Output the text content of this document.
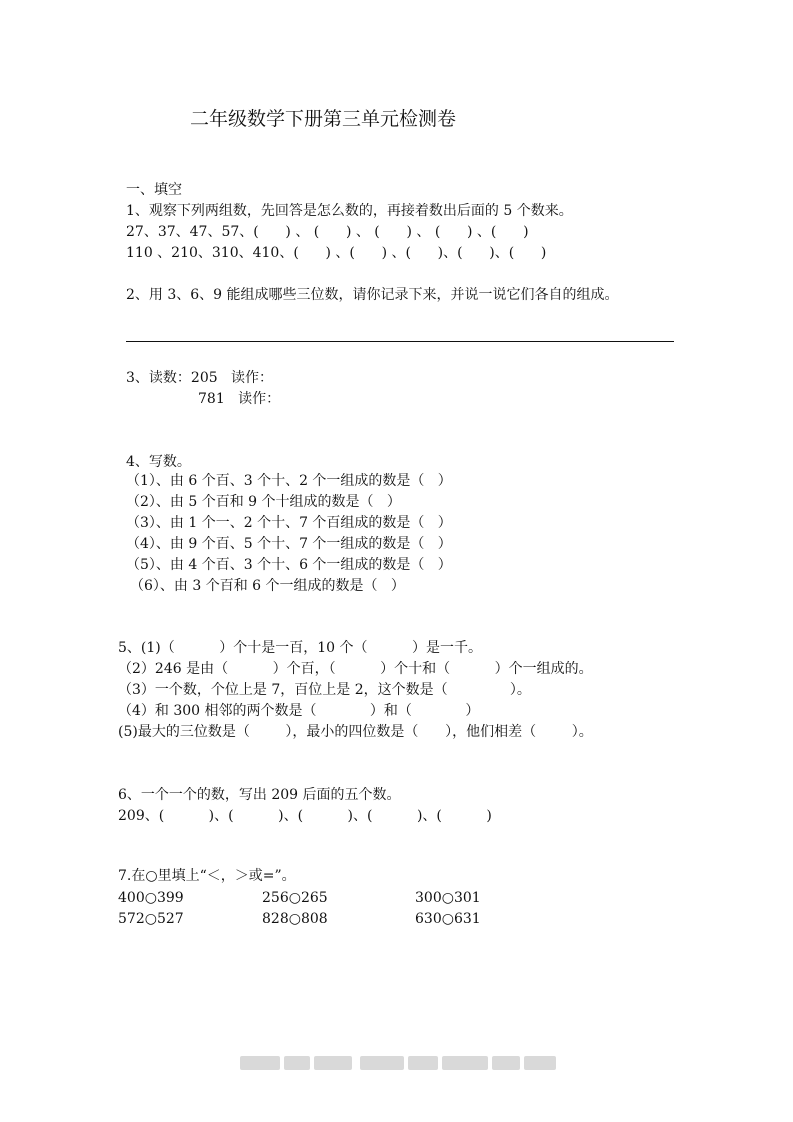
二年级数学下册第三单元检测卷
一、填空
1、观察下列两组数，先回答是怎么数的，再接着数出后面的 5 个数来。
27、37、47、57、(      ) 、 (      ) 、 (      ) 、 (      ) 、(      )
110 、210、310、410、(      ) 、(      ) 、(      )、(      )、(      )
2、用 3、6、9 能组成哪些三位数，请你记录下来，并说一说它们各自的组成。
3、读数：205   读作：
781   读作：
4、写数。
（1）、由 6 个百、3 个十、2 个一组成的数是（   ）
（2）、由 5 个百和 9 个十组成的数是（   ）
（3）、由 1 个一、2 个十、7 个百组成的数是（   ）
（4）、由 9 个百、5 个十、7 个一组成的数是（   ）
（5）、由 4 个百、3 个十、6 个一组成的数是（   ）
（6）、由 3 个百和 6 个一组成的数是（   ）
5、(1)（          ）个十是一百，10 个（          ）是一千。
（2）246 是由（          ）个百，（          ）个十和（          ）个一组成的。
（3）一个数，个位上是 7，百位上是 2，这个数是（              ）。
（4）和 300 相邻的两个数是（            ）和（            ）
(5)最大的三位数是（        ），最小的四位数是（      ），他们相差（        ）。
6、一个一个的数，写出 209 后面的五个数。
209、(          )、(          )、(          )、(          )、(          )
7.在○里填上“＜，＞或=”。
400○399	256○265	300○301
572○527	828○808	630○631
